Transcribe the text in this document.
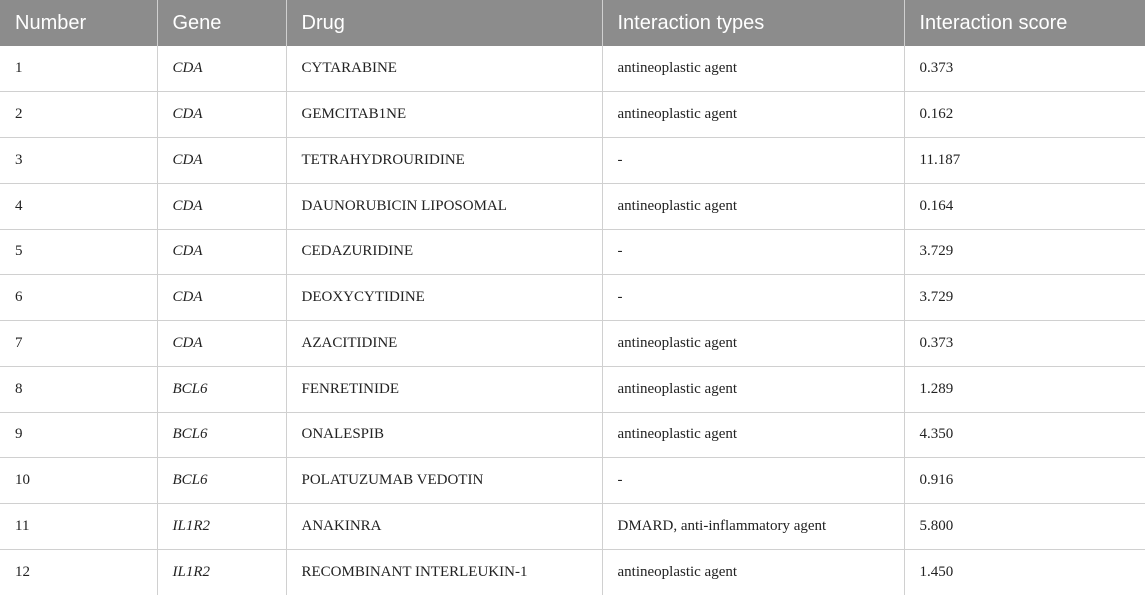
Number	Gene	Drug	Interaction types	Interaction score
1	CDA	CYTARABINE	antineoplastic agent	0.373
2	CDA	GEMCITAB1NE	antineoplastic agent	0.162
3	CDA	TETRAHYDROURIDINE	-	11.187
4	CDA	DAUNORUBICIN LIPOSOMAL	antineoplastic agent	0.164
5	CDA	CEDAZURIDINE	-	3.729
6	CDA	DEOXYCYTIDINE	-	3.729
7	CDA	AZACITIDINE	antineoplastic agent	0.373
8	BCL6	FENRETINIDE	antineoplastic agent	1.289
9	BCL6	ONALESPIB	antineoplastic agent	4.350
10	BCL6	POLATUZUMAB VEDOTIN	-	0.916
11	IL1R2	ANAKINRA	DMARD, anti-inflammatory agent	5.800
12	IL1R2	RECOMBINANT INTERLEUKIN-1	antineoplastic agent	1.450
